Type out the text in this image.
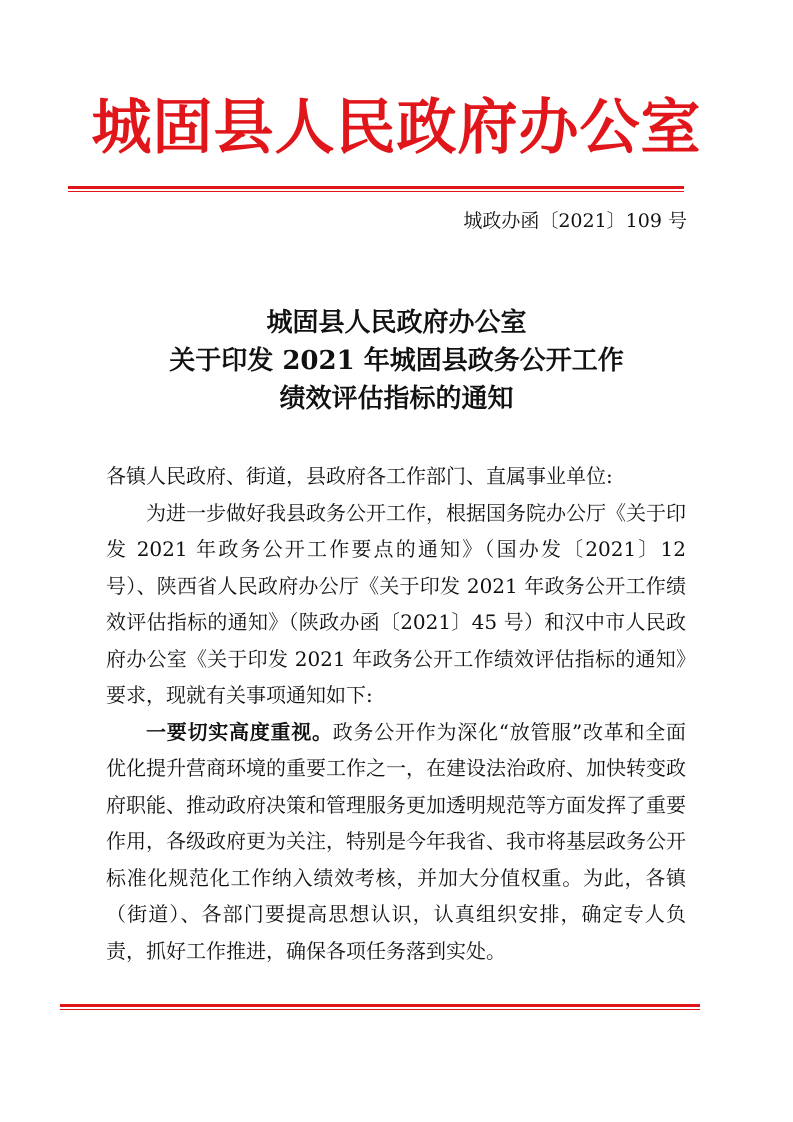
城固县人民政府办公室
城政办函〔2021〕109 号
城固县人民政府办公室
关于印发 2021 年城固县政务公开工作
绩效评估指标的通知

各镇人民政府、街道，县政府各工作部门、直属事业单位:

为进一步做好我县政务公开工作，根据国务院办公厅《关于印发 2021 年政务公开工作要点的通知》（国办发〔2021〕12 号）、陕西省人民政府办公厅《关于印发 2021 年政务公开工作绩效评估指标的通知》（陕政办函〔2021〕45 号）和汉中市人民政府办公室《关于印发 2021 年政务公开工作绩效评估指标的通知》要求，现就有关事项通知如下:

一要切实高度重视。政务公开作为深化“放管服”改革和全面优化提升营商环境的重要工作之一，在建设法治政府、加快转变政府职能、推动政府决策和管理服务更加透明规范等方面发挥了重要作用，各级政府更为关注，特别是今年我省、我市将基层政务公开标准化规范化工作纳入绩效考核，并加大分值权重。为此，各镇（街道）、各部门要提高思想认识，认真组织安排，确定专人负责，抓好工作推进，确保各项任务落到实处。
